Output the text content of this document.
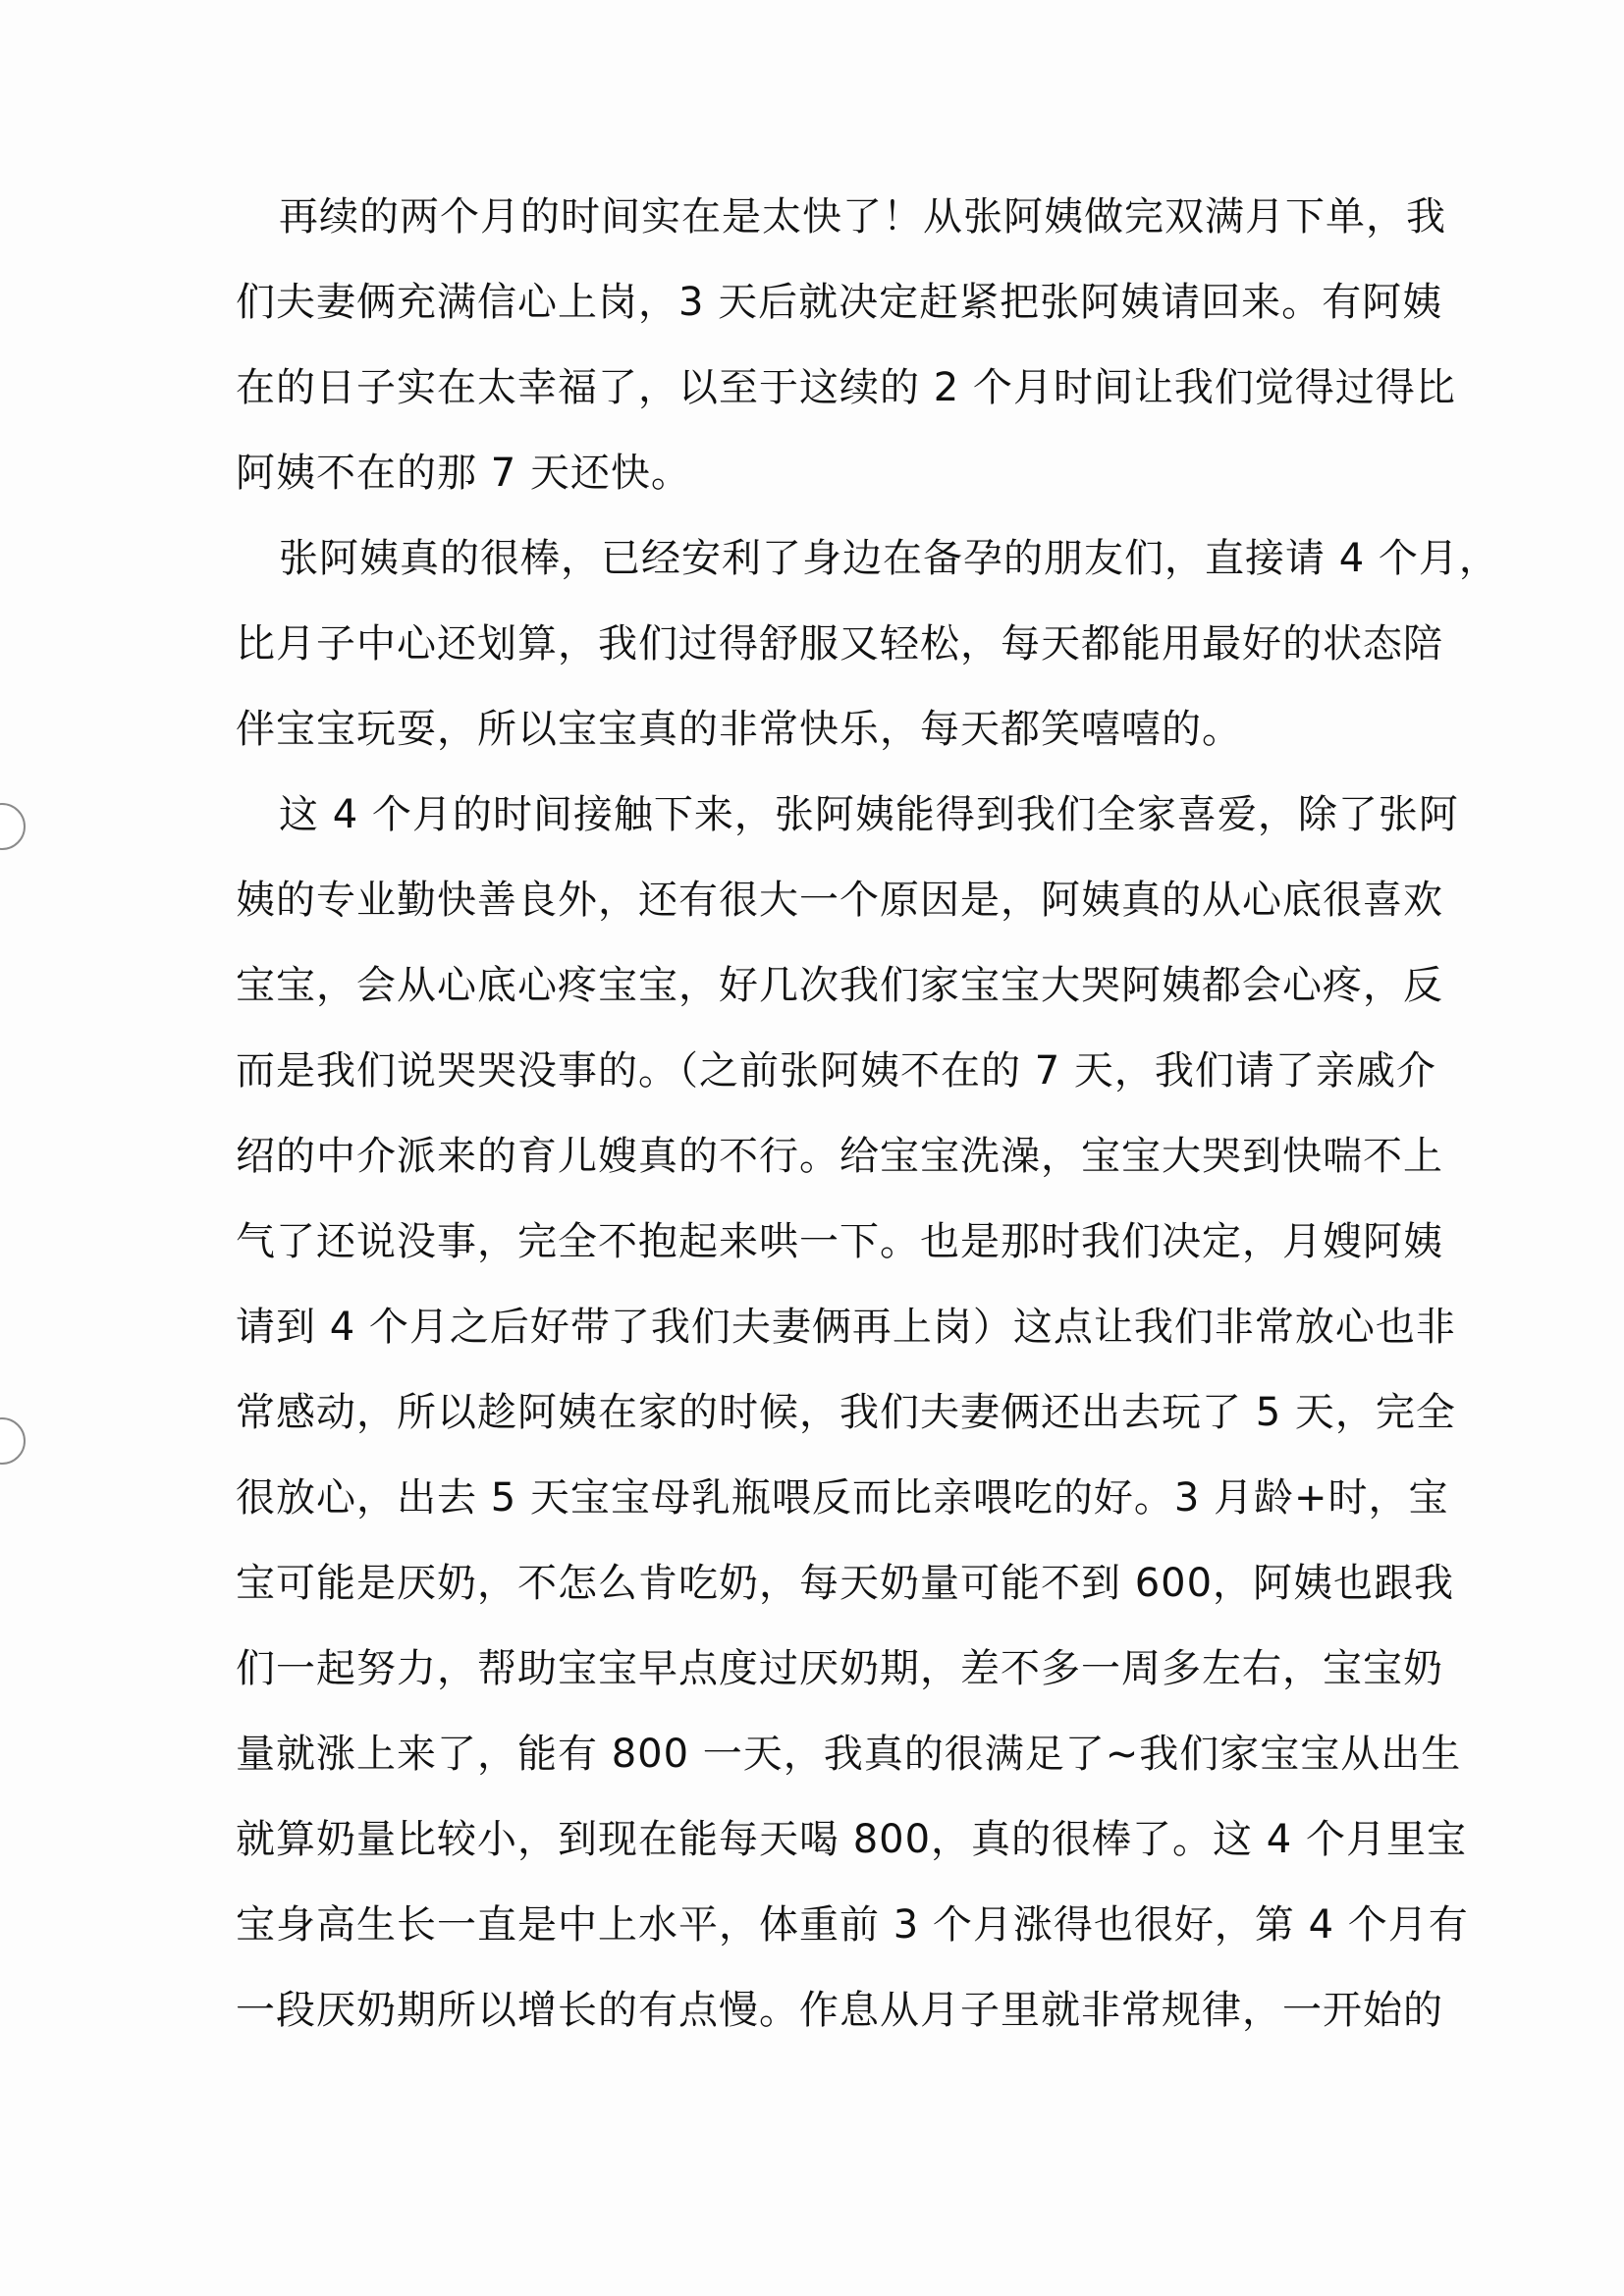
再续的两个月的时间实在是太快了！从张阿姨做完双满月下单，我
们夫妻俩充满信心上岗，3 天后就决定赶紧把张阿姨请回来。有阿姨
在的日子实在太幸福了，以至于这续的 2 个月时间让我们觉得过得比
阿姨不在的那 7 天还快。

张阿姨真的很棒，已经安利了身边在备孕的朋友们，直接请 4 个月，
比月子中心还划算，我们过得舒服又轻松，每天都能用最好的状态陪
伴宝宝玩耍，所以宝宝真的非常快乐，每天都笑嘻嘻的。

这 4 个月的时间接触下来，张阿姨能得到我们全家喜爱，除了张阿
姨的专业勤快善良外，还有很大一个原因是，阿姨真的从心底很喜欢
宝宝，会从心底心疼宝宝，好几次我们家宝宝大哭阿姨都会心疼，反
而是我们说哭哭没事的。（之前张阿姨不在的 7 天，我们请了亲戚介
绍的中介派来的育儿嫂真的不行。给宝宝洗澡，宝宝大哭到快喘不上
气了还说没事，完全不抱起来哄一下。也是那时我们决定，月嫂阿姨
请到 4 个月之后好带了我们夫妻俩再上岗）这点让我们非常放心也非
常感动，所以趁阿姨在家的时候，我们夫妻俩还出去玩了 5 天，完全
很放心，出去 5 天宝宝母乳瓶喂反而比亲喂吃的好。3 月龄+时，宝
宝可能是厌奶，不怎么肯吃奶，每天奶量可能不到 600，阿姨也跟我
们一起努力，帮助宝宝早点度过厌奶期，差不多一周多左右，宝宝奶
量就涨上来了，能有 800 一天，我真的很满足了~我们家宝宝从出生
就算奶量比较小，到现在能每天喝 800，真的很棒了。这 4 个月里宝
宝身高生长一直是中上水平，体重前 3 个月涨得也很好，第 4 个月有
一段厌奶期所以增长的有点慢。作息从月子里就非常规律，一开始的
